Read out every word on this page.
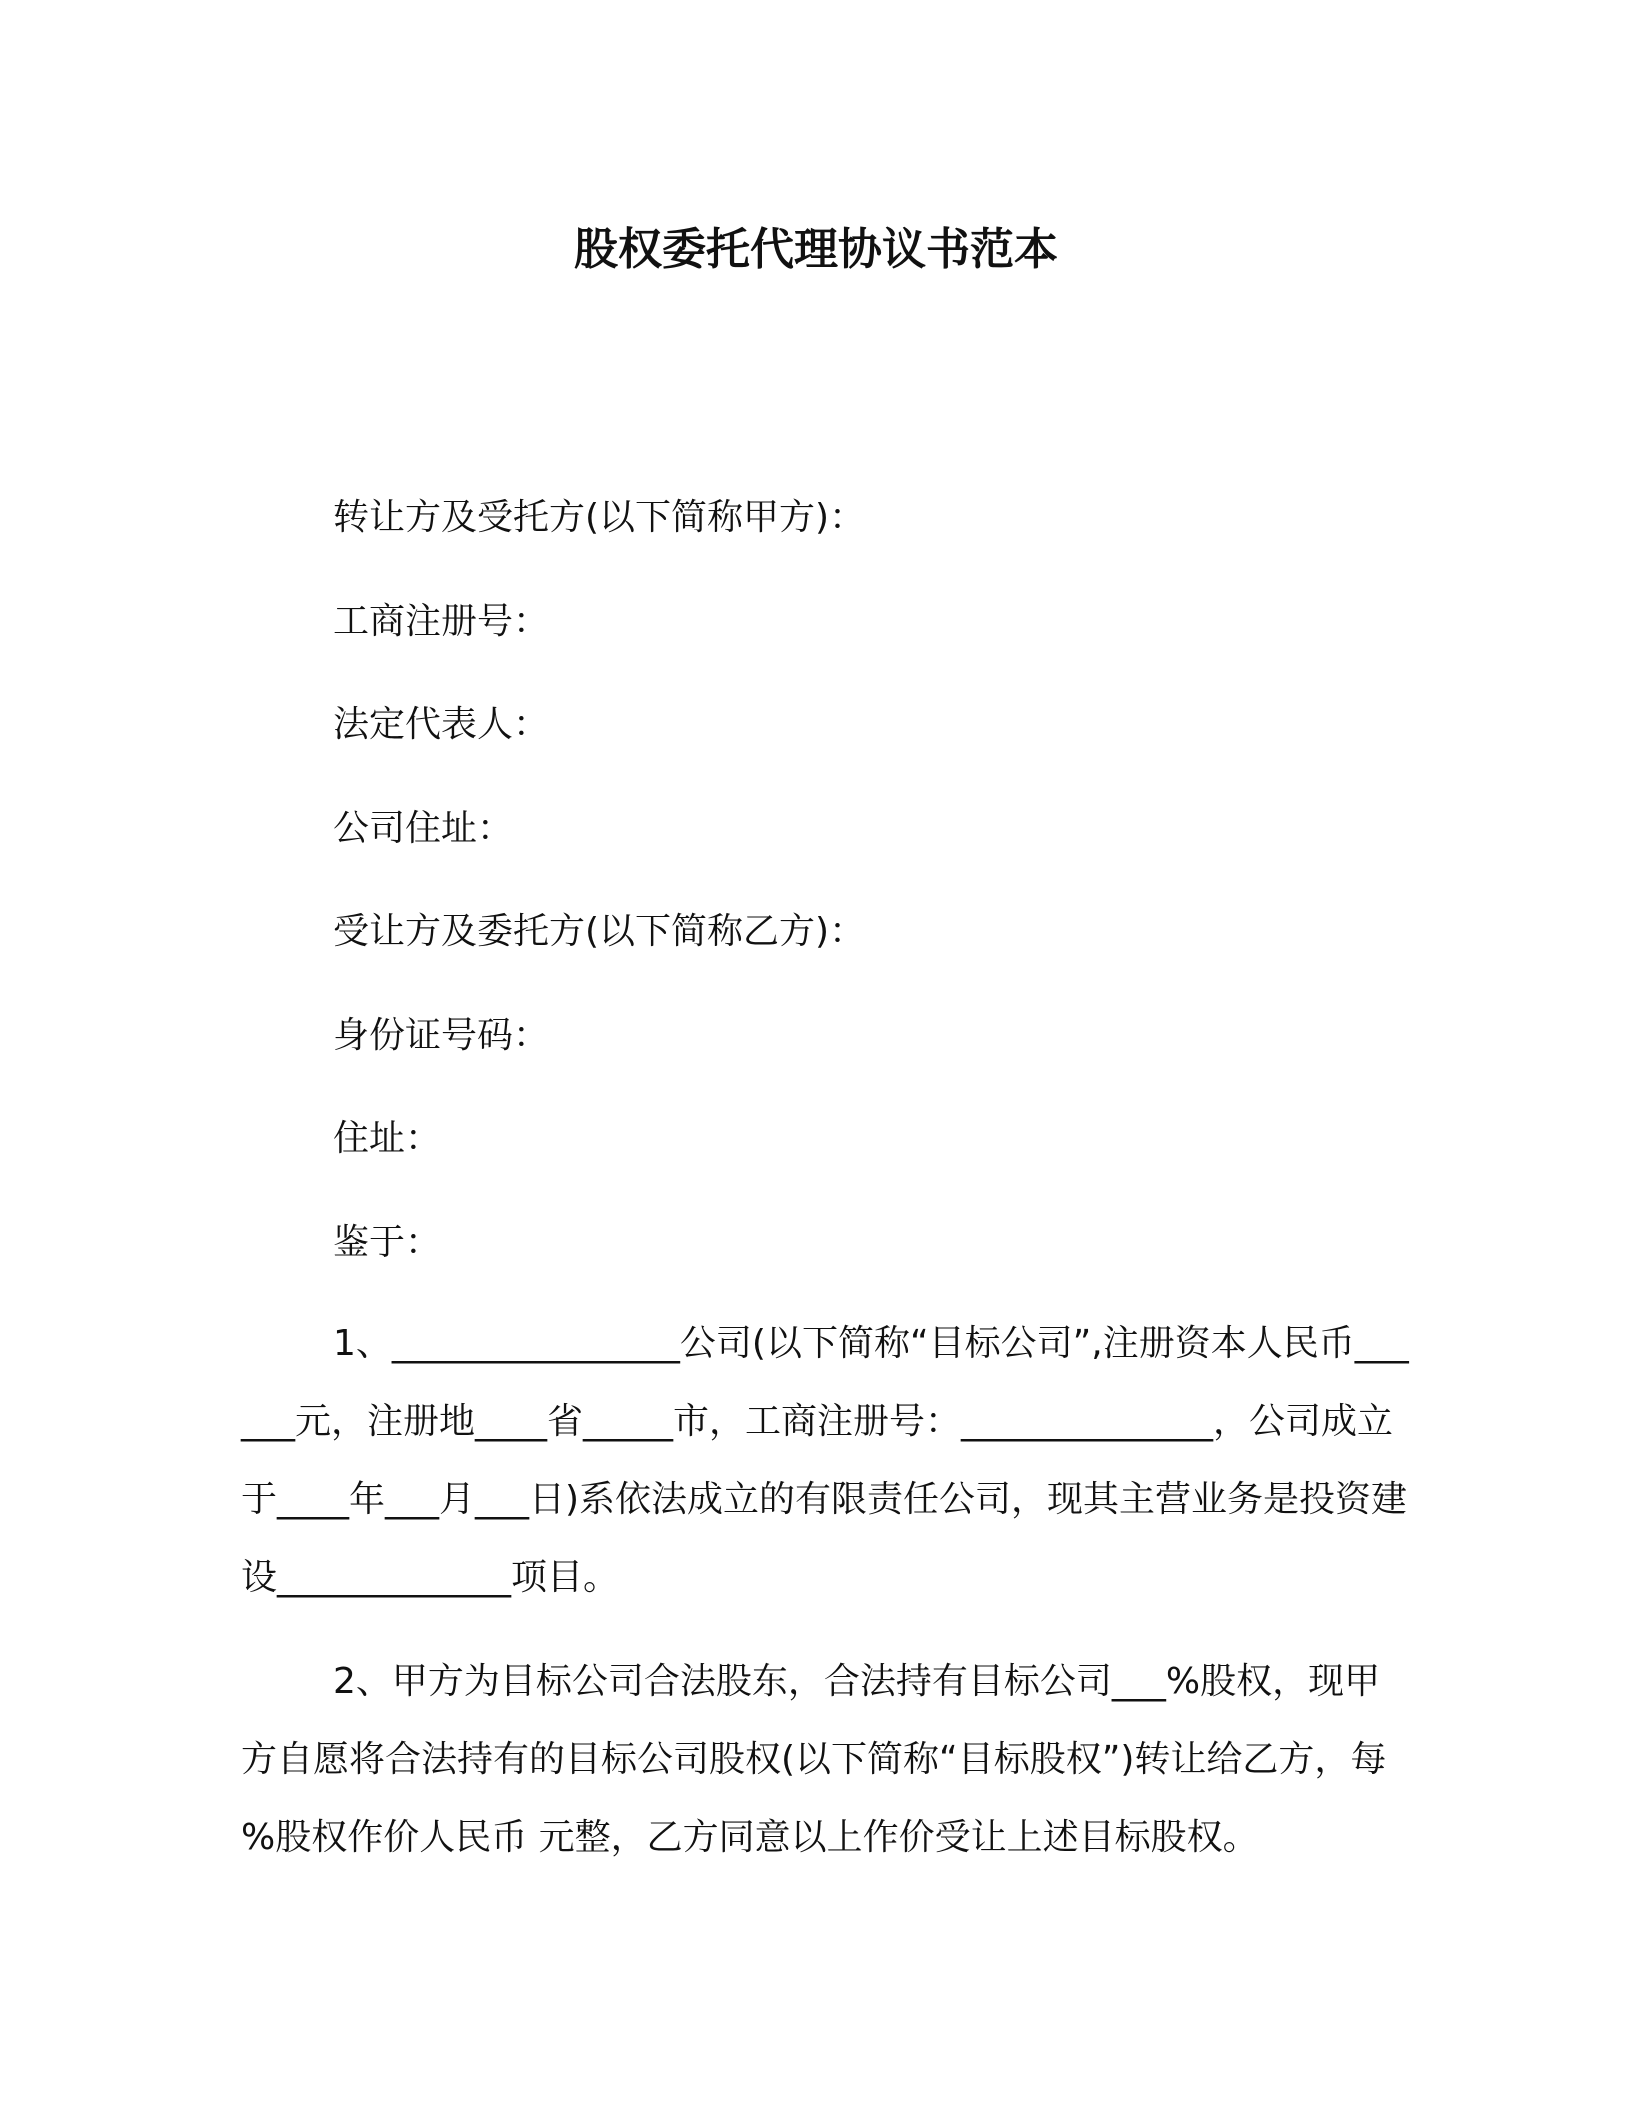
股权委托代理协议书范本
转让方及受托方(以下简称甲方)：
工商注册号：
法定代表人：
公司住址：
受让方及委托方(以下简称乙方)：
身份证号码：
住址：
鉴于：
1、________________公司(以下简称“目标公司”,注册资本人民币______元，注册地____省_____市，工商注册号：______________，公司成立于____年___月___日)系依法成立的有限责任公司，现其主营业务是投资建设_____________项目。
2、甲方为目标公司合法股东，合法持有目标公司___%股权，现甲方自愿将合法持有的目标公司股权(以下简称“目标股权”)转让给乙方，每 %股权作价人民币 元整，乙方同意以上作价受让上述目标股权。
